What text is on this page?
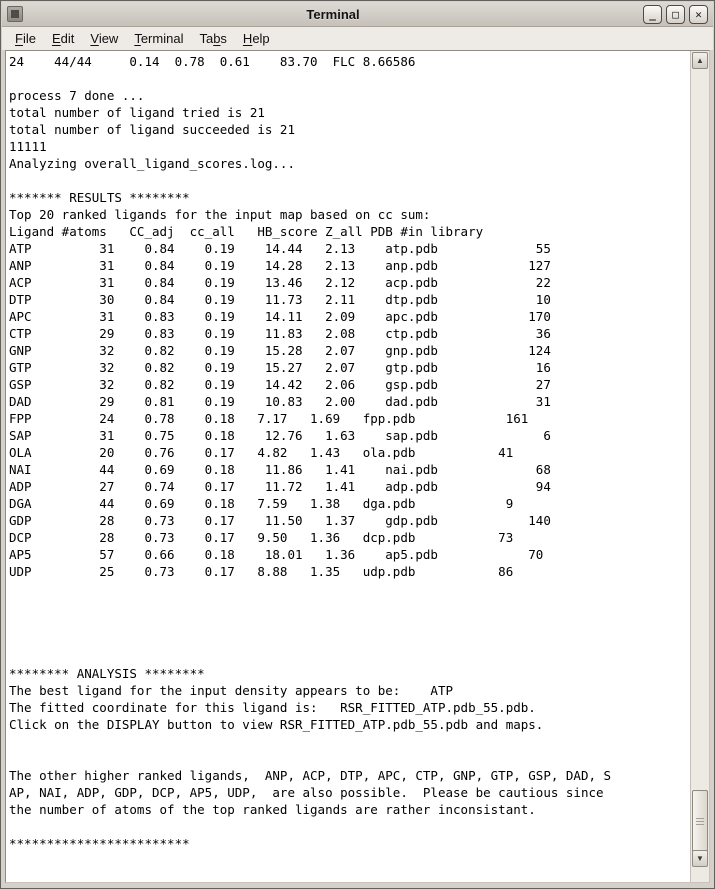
Terminal	_ □ ✕
File	Edit	View	Terminal	Tabs	Help
24    44/44     0.14  0.78  0.61    83.70  FLC 8.66586
process 7 done ...
total number of ligand tried is 21
total number of ligand succeeded is 21
11111
Analyzing overall_ligand_scores.log...
******* RESULTS ********
Top 20 ranked ligands for the input map based on cc sum:
Ligand #atoms   CC_adj  cc_all   HB_score Z_all PDB #in library
ATP         31    0.84    0.19    14.44   2.13    atp.pdb             55
ANP         31    0.84    0.19    14.28   2.13    anp.pdb            127
ACP         31    0.84    0.19    13.46   2.12    acp.pdb             22
DTP         30    0.84    0.19    11.73   2.11    dtp.pdb             10
APC         31    0.83    0.19    14.11   2.09    apc.pdb            170
CTP         29    0.83    0.19    11.83   2.08    ctp.pdb             36
GNP         32    0.82    0.19    15.28   2.07    gnp.pdb            124
GTP         32    0.82    0.19    15.27   2.07    gtp.pdb             16
GSP         32    0.82    0.19    14.42   2.06    gsp.pdb             27
DAD         29    0.81    0.19    10.83   2.00    dad.pdb             31
FPP         24    0.78    0.18   7.17   1.69   fpp.pdb            161
SAP         31    0.75    0.18    12.76   1.63    sap.pdb              6
OLA         20    0.76    0.17   4.82   1.43   ola.pdb           41
NAI         44    0.69    0.18    11.86   1.41    nai.pdb             68
ADP         27    0.74    0.17    11.72   1.41    adp.pdb             94
DGA         44    0.69    0.18   7.59   1.38   dga.pdb            9
GDP         28    0.73    0.17    11.50   1.37    gdp.pdb            140
DCP         28    0.73    0.17   9.50   1.36   dcp.pdb           73
AP5         57    0.66    0.18    18.01   1.36    ap5.pdb            70
UDP         25    0.73    0.17   8.88   1.35   udp.pdb           86
******** ANALYSIS ********
The best ligand for the input density appears to be:    ATP
The fitted coordinate for this ligand is:   RSR_FITTED_ATP.pdb_55.pdb.
Click on the DISPLAY button to view RSR_FITTED_ATP.pdb_55.pdb and maps.
The other higher ranked ligands,  ANP, ACP, DTP, APC, CTP, GNP, GTP, GSP, DAD, S
AP, NAI, ADP, GDP, DCP, AP5, UDP,  are also possible.  Please be cautious since
the number of atoms of the top ranked ligands are rather inconsistant.
************************
▲
▼
